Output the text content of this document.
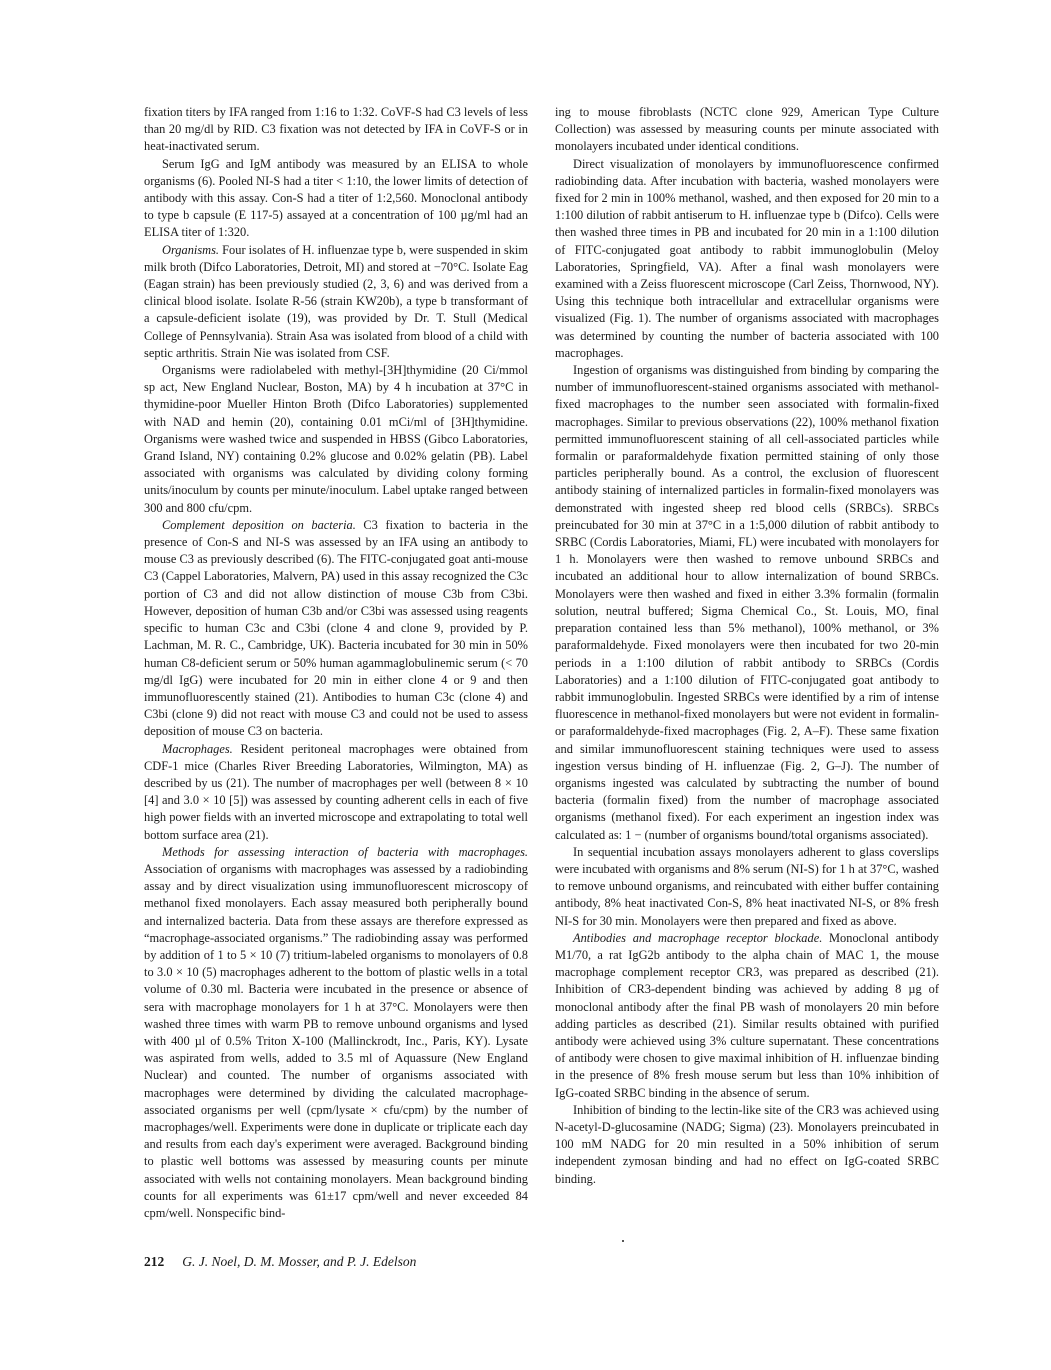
fixation titers by IFA ranged from 1:16 to 1:32. CoVF-S had C3 levels of less than 20 mg/dl by RID. C3 fixation was not detected by IFA in CoVF-S or in heat-inactivated serum.

Serum IgG and IgM antibody was measured by an ELISA to whole organisms (6). Pooled NI-S had a titer < 1:10, the lower limits of detection of antibody with this assay. Con-S had a titer of 1:2,560. Monoclonal antibody to type b capsule (E 117-5) assayed at a concentration of 100 µg/ml had an ELISA titer of 1:320.

Organisms. Four isolates of H. influenzae type b, were suspended in skim milk broth (Difco Laboratories, Detroit, MI) and stored at −70°C. Isolate Eag (Eagan strain) has been previously studied (2, 3, 6) and was derived from a clinical blood isolate. Isolate R-56 (strain KW20b), a type b transformant of a capsule-deficient isolate (19), was provided by Dr. T. Stull (Medical College of Pennsylvania). Strain Asa was isolated from blood of a child with septic arthritis. Strain Nie was isolated from CSF.

Organisms were radiolabeled with methyl-[3H]thymidine (20 Ci/mmol sp act, New England Nuclear, Boston, MA) by 4 h incubation at 37°C in thymidine-poor Mueller Hinton Broth (Difco Laboratories) supplemented with NAD and hemin (20), containing 0.01 mCi/ml of [3H]thymidine. Organisms were washed twice and suspended in HBSS (Gibco Laboratories, Grand Island, NY) containing 0.2% glucose and 0.02% gelatin (PB). Label associated with organisms was calculated by dividing colony forming units/inoculum by counts per minute/inoculum. Label uptake ranged between 300 and 800 cfu/cpm.

Complement deposition on bacteria. C3 fixation to bacteria in the presence of Con-S and NI-S was assessed by an IFA using an antibody to mouse C3 as previously described (6). The FITC-conjugated goat anti-mouse C3 (Cappel Laboratories, Malvern, PA) used in this assay recognized the C3c portion of C3 and did not allow distinction of mouse C3b from C3bi. However, deposition of human C3b and/or C3bi was assessed using reagents specific to human C3c and C3bi (clone 4 and clone 9, provided by P. Lachman, M. R. C., Cambridge, UK). Bacteria incubated for 30 min in 50% human C8-deficient serum or 50% human agammaglobulinemic serum (< 70 mg/dl IgG) were incubated for 20 min in either clone 4 or 9 and then immunofluorescently stained (21). Antibodies to human C3c (clone 4) and C3bi (clone 9) did not react with mouse C3 and could not be used to assess deposition of mouse C3 on bacteria.

Macrophages. Resident peritoneal macrophages were obtained from CDF-1 mice (Charles River Breeding Laboratories, Wilmington, MA) as described by us (21). The number of macrophages per well (between 8 × 10 [4] and 3.0 × 10 [5]) was assessed by counting adherent cells in each of five high power fields with an inverted microscope and extrapolating to total well bottom surface area (21).

Methods for assessing interaction of bacteria with macrophages. Association of organisms with macrophages was assessed by a radiobinding assay and by direct visualization using immunofluorescent microscopy of methanol fixed monolayers. Each assay measured both peripherally bound and internalized bacteria. Data from these assays are therefore expressed as “macrophage-associated organisms.” The radiobinding assay was performed by addition of 1 to 5 × 10 (7) tritium-labeled organisms to monolayers of 0.8 to 3.0 × 10 (5) macrophages adherent to the bottom of plastic wells in a total volume of 0.30 ml. Bacteria were incubated in the presence or absence of sera with macrophage monolayers for 1 h at 37°C. Monolayers were then washed three times with warm PB to remove unbound organisms and lysed with 400 µl of 0.5% Triton X-100 (Mallinckrodt, Inc., Paris, KY). Lysate was aspirated from wells, added to 3.5 ml of Aquassure (New England Nuclear) and counted. The number of organisms associated with macrophages were determined by dividing the calculated macrophage-associated organisms per well (cpm/lysate × cfu/cpm) by the number of macrophages/well. Experiments were done in duplicate or triplicate each day and results from each day's experiment were averaged. Background binding to plastic well bottoms was assessed by measuring counts per minute associated with wells not containing monolayers. Mean background binding counts for all experiments was 61±17 cpm/well and never exceeded 84 cpm/well. Nonspecific bind-

ing to mouse fibroblasts (NCTC clone 929, American Type Culture Collection) was assessed by measuring counts per minute associated with monolayers incubated under identical conditions.

Direct visualization of monolayers by immunofluorescence confirmed radiobinding data. After incubation with bacteria, washed monolayers were fixed for 2 min in 100% methanol, washed, and then exposed for 20 min to a 1:100 dilution of rabbit antiserum to H. influenzae type b (Difco). Cells were then washed three times in PB and incubated for 20 min in a 1:100 dilution of FITC-conjugated goat antibody to rabbit immunoglobulin (Meloy Laboratories, Springfield, VA). After a final wash monolayers were examined with a Zeiss fluorescent microscope (Carl Zeiss, Thornwood, NY). Using this technique both intracellular and extracellular organisms were visualized (Fig. 1). The number of organisms associated with macrophages was determined by counting the number of bacteria associated with 100 macrophages.

Ingestion of organisms was distinguished from binding by comparing the number of immunofluorescent-stained organisms associated with methanol-fixed macrophages to the number seen associated with formalin-fixed macrophages. Similar to previous observations (22), 100% methanol fixation permitted immunofluorescent staining of all cell-associated particles while formalin or paraformaldehyde fixation permitted staining of only those particles peripherally bound. As a control, the exclusion of fluorescent antibody staining of internalized particles in formalin-fixed monolayers was demonstrated with ingested sheep red blood cells (SRBCs). SRBCs preincubated for 30 min at 37°C in a 1:5,000 dilution of rabbit antibody to SRBC (Cordis Laboratories, Miami, FL) were incubated with monolayers for 1 h. Monolayers were then washed to remove unbound SRBCs and incubated an additional hour to allow internalization of bound SRBCs. Monolayers were then washed and fixed in either 3.3% formalin (formalin solution, neutral buffered; Sigma Chemical Co., St. Louis, MO, final preparation contained less than 5% methanol), 100% methanol, or 3% paraformaldehyde. Fixed monolayers were then incubated for two 20-min periods in a 1:100 dilution of rabbit antibody to SRBCs (Cordis Laboratories) and a 1:100 dilution of FITC-conjugated goat antibody to rabbit immunoglobulin. Ingested SRBCs were identified by a rim of intense fluorescence in methanol-fixed monolayers but were not evident in formalin- or paraformaldehyde-fixed macrophages (Fig. 2, A–F). These same fixation and similar immunofluorescent staining techniques were used to assess ingestion versus binding of H. influenzae (Fig. 2, G–J). The number of organisms ingested was calculated by subtracting the number of bound bacteria (formalin fixed) from the number of macrophage associated organisms (methanol fixed). For each experiment an ingestion index was calculated as: 1 − (number of organisms bound/total organisms associated).

In sequential incubation assays monolayers adherent to glass coverslips were incubated with organisms and 8% serum (NI-S) for 1 h at 37°C, washed to remove unbound organisms, and reincubated with either buffer containing antibody, 8% heat inactivated Con-S, 8% heat inactivated NI-S, or 8% fresh NI-S for 30 min. Monolayers were then prepared and fixed as above.

Antibodies and macrophage receptor blockade. Monoclonal antibody M1/70, a rat IgG2b antibody to the alpha chain of MAC 1, the mouse macrophage complement receptor CR3, was prepared as described (21). Inhibition of CR3-dependent binding was achieved by adding 8 µg of monoclonal antibody after the final PB wash of monolayers 20 min before adding particles as described (21). Similar results obtained with purified antibody were achieved using 3% culture supernatant. These concentrations of antibody were chosen to give maximal inhibition of H. influenzae binding in the presence of 8% fresh mouse serum but less than 10% inhibition of IgG-coated SRBC binding in the absence of serum.

Inhibition of binding to the lectin-like site of the CR3 was achieved using N-acetyl-D-glucosamine (NADG; Sigma) (23). Monolayers preincubated in 100 mM NADG for 20 min resulted in a 50% inhibition of serum independent zymosan binding and had no effect on IgG-coated SRBC binding.

212 G. J. Noel, D. M. Mosser, and P. J. Edelson
